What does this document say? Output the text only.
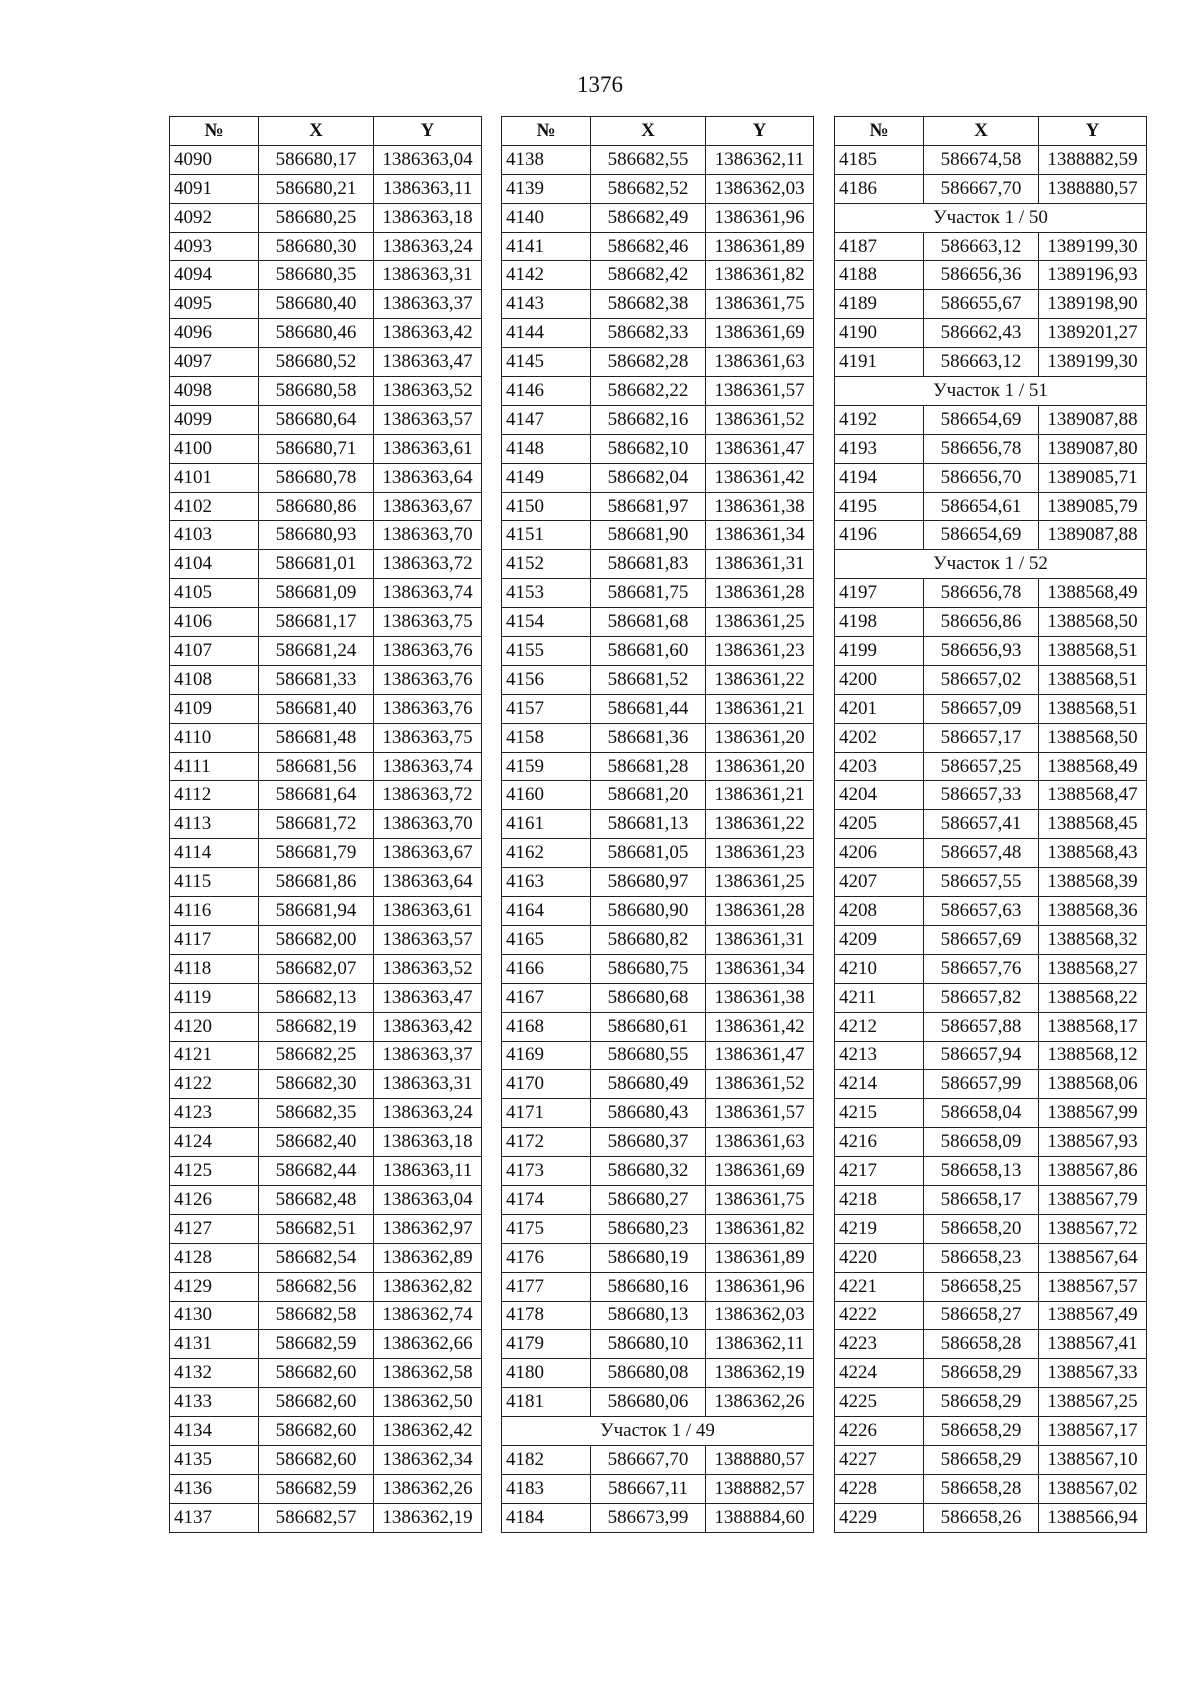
1376
№	X	Y
4090	586680,17	1386363,04
4091	586680,21	1386363,11
4092	586680,25	1386363,18
4093	586680,30	1386363,24
4094	586680,35	1386363,31
4095	586680,40	1386363,37
4096	586680,46	1386363,42
4097	586680,52	1386363,47
4098	586680,58	1386363,52
4099	586680,64	1386363,57
4100	586680,71	1386363,61
4101	586680,78	1386363,64
4102	586680,86	1386363,67
4103	586680,93	1386363,70
4104	586681,01	1386363,72
4105	586681,09	1386363,74
4106	586681,17	1386363,75
4107	586681,24	1386363,76
4108	586681,33	1386363,76
4109	586681,40	1386363,76
4110	586681,48	1386363,75
4111	586681,56	1386363,74
4112	586681,64	1386363,72
4113	586681,72	1386363,70
4114	586681,79	1386363,67
4115	586681,86	1386363,64
4116	586681,94	1386363,61
4117	586682,00	1386363,57
4118	586682,07	1386363,52
4119	586682,13	1386363,47
4120	586682,19	1386363,42
4121	586682,25	1386363,37
4122	586682,30	1386363,31
4123	586682,35	1386363,24
4124	586682,40	1386363,18
4125	586682,44	1386363,11
4126	586682,48	1386363,04
4127	586682,51	1386362,97
4128	586682,54	1386362,89
4129	586682,56	1386362,82
4130	586682,58	1386362,74
4131	586682,59	1386362,66
4132	586682,60	1386362,58
4133	586682,60	1386362,50
4134	586682,60	1386362,42
4135	586682,60	1386362,34
4136	586682,59	1386362,26
4137	586682,57	1386362,19
№	X	Y
4138	586682,55	1386362,11
4139	586682,52	1386362,03
4140	586682,49	1386361,96
4141	586682,46	1386361,89
4142	586682,42	1386361,82
4143	586682,38	1386361,75
4144	586682,33	1386361,69
4145	586682,28	1386361,63
4146	586682,22	1386361,57
4147	586682,16	1386361,52
4148	586682,10	1386361,47
4149	586682,04	1386361,42
4150	586681,97	1386361,38
4151	586681,90	1386361,34
4152	586681,83	1386361,31
4153	586681,75	1386361,28
4154	586681,68	1386361,25
4155	586681,60	1386361,23
4156	586681,52	1386361,22
4157	586681,44	1386361,21
4158	586681,36	1386361,20
4159	586681,28	1386361,20
4160	586681,20	1386361,21
4161	586681,13	1386361,22
4162	586681,05	1386361,23
4163	586680,97	1386361,25
4164	586680,90	1386361,28
4165	586680,82	1386361,31
4166	586680,75	1386361,34
4167	586680,68	1386361,38
4168	586680,61	1386361,42
4169	586680,55	1386361,47
4170	586680,49	1386361,52
4171	586680,43	1386361,57
4172	586680,37	1386361,63
4173	586680,32	1386361,69
4174	586680,27	1386361,75
4175	586680,23	1386361,82
4176	586680,19	1386361,89
4177	586680,16	1386361,96
4178	586680,13	1386362,03
4179	586680,10	1386362,11
4180	586680,08	1386362,19
4181	586680,06	1386362,26
Участок 1 / 49		
4182	586667,70	1388880,57
4183	586667,11	1388882,57
4184	586673,99	1388884,60
№	X	Y
4185	586674,58	1388882,59
4186	586667,70	1388880,57
Участок 1 / 50		
4187	586663,12	1389199,30
4188	586656,36	1389196,93
4189	586655,67	1389198,90
4190	586662,43	1389201,27
4191	586663,12	1389199,30
Участок 1 / 51		
4192	586654,69	1389087,88
4193	586656,78	1389087,80
4194	586656,70	1389085,71
4195	586654,61	1389085,79
4196	586654,69	1389087,88
Участок 1 / 52		
4197	586656,78	1388568,49
4198	586656,86	1388568,50
4199	586656,93	1388568,51
4200	586657,02	1388568,51
4201	586657,09	1388568,51
4202	586657,17	1388568,50
4203	586657,25	1388568,49
4204	586657,33	1388568,47
4205	586657,41	1388568,45
4206	586657,48	1388568,43
4207	586657,55	1388568,39
4208	586657,63	1388568,36
4209	586657,69	1388568,32
4210	586657,76	1388568,27
4211	586657,82	1388568,22
4212	586657,88	1388568,17
4213	586657,94	1388568,12
4214	586657,99	1388568,06
4215	586658,04	1388567,99
4216	586658,09	1388567,93
4217	586658,13	1388567,86
4218	586658,17	1388567,79
4219	586658,20	1388567,72
4220	586658,23	1388567,64
4221	586658,25	1388567,57
4222	586658,27	1388567,49
4223	586658,28	1388567,41
4224	586658,29	1388567,33
4225	586658,29	1388567,25
4226	586658,29	1388567,17
4227	586658,29	1388567,10
4228	586658,28	1388567,02
4229	586658,26	1388566,94
